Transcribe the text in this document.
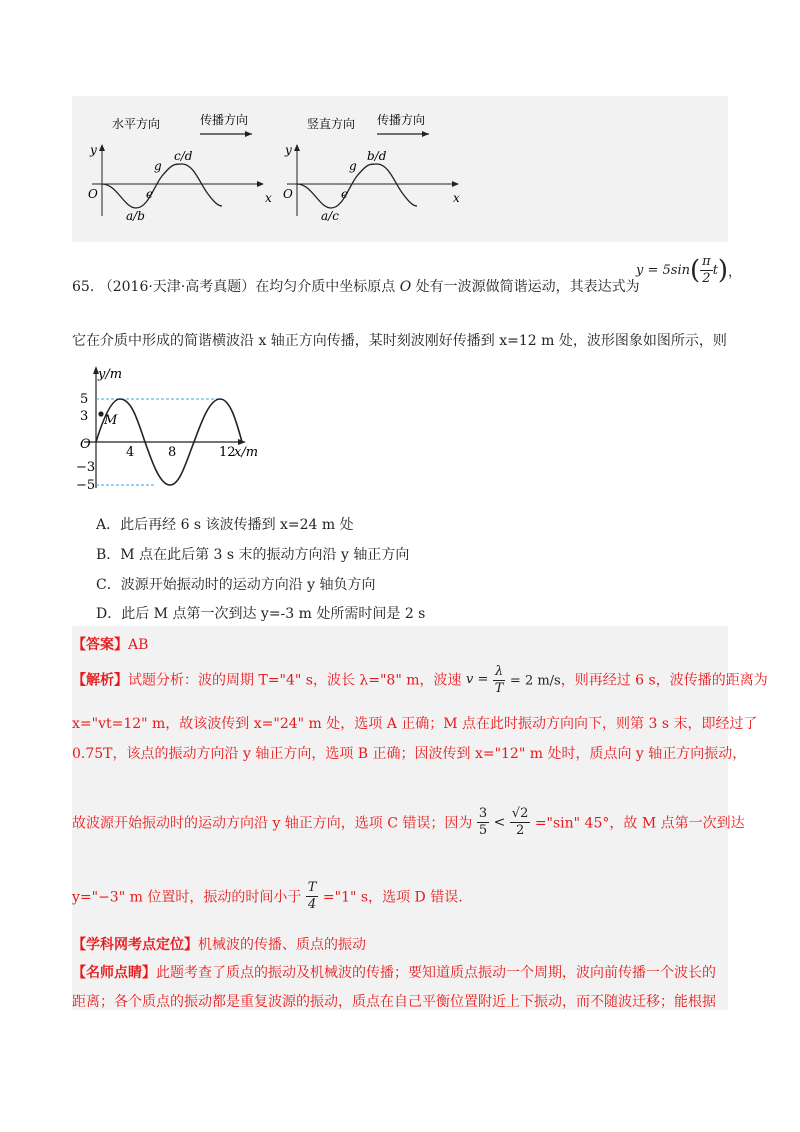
水平方向	传播方向
y
x
O
c/d
g
e
a/b
竖直方向 传播方向
y
x
O
b/d
g
e
a/c
65. （2016·天津·高考真题）在均匀介质中坐标原点 O 处有一波源做简谐运动，其表达式为
$y = 5\sin( \frac{\pi}{2} t)$，
它在介质中形成的简谐横波沿 x 轴正方向传播，某时刻波刚好传播到 x=12 m 处，波形图象如图所示，则
M
y/m
x/m
O
5
3
−3
−5
4	8	12
A．此后再经 6 s 该波传播到 x=24 m 处
B．M 点在此后第 3 s 末的振动方向沿 y 轴正方向
C．波源开始振动时的运动方向沿 y 轴负方向
D．此后 M 点第一次到达 y=-3 m 处所需时间是 2 s
【答案】AB
【解析】试题分析：波的周期 T="4" s，波长 λ="8" m，波速 $v = \frac{\lambda}{T} = 2$ m/s，则再经过 6 s，波传播的距离为
x="vt=12" m，故该波传到 x="24" m 处，选项 A 正确；M 点在此时振动方向向下，则第 3 s 末，即经过了
0.75T，该点的振动方向沿 y 轴正方向，选项 B 正确；因波传到 x="12" m 处时，质点向 y 轴正方向振动，
故波源开始振动时的运动方向沿 y 轴正方向，选项 C 错误；因为 $\frac{3}{5} < \frac{√2}{2}$ ="sin" 45°，故 M 点第一次到达
y="−3" m 位置时，振动的时间小于 $\frac{T}{4}$ ="1" s，选项 D 错误.
【学科网考点定位】机械波的传播、质点的振动
【名师点睛】此题考查了质点的振动及机械波的传播；要知道质点振动一个周期，波向前传播一个波长的
距离；各个质点的振动都是重复波源的振动，质点在自己平衡位置附近上下振动，而不随波迁移；能根据
